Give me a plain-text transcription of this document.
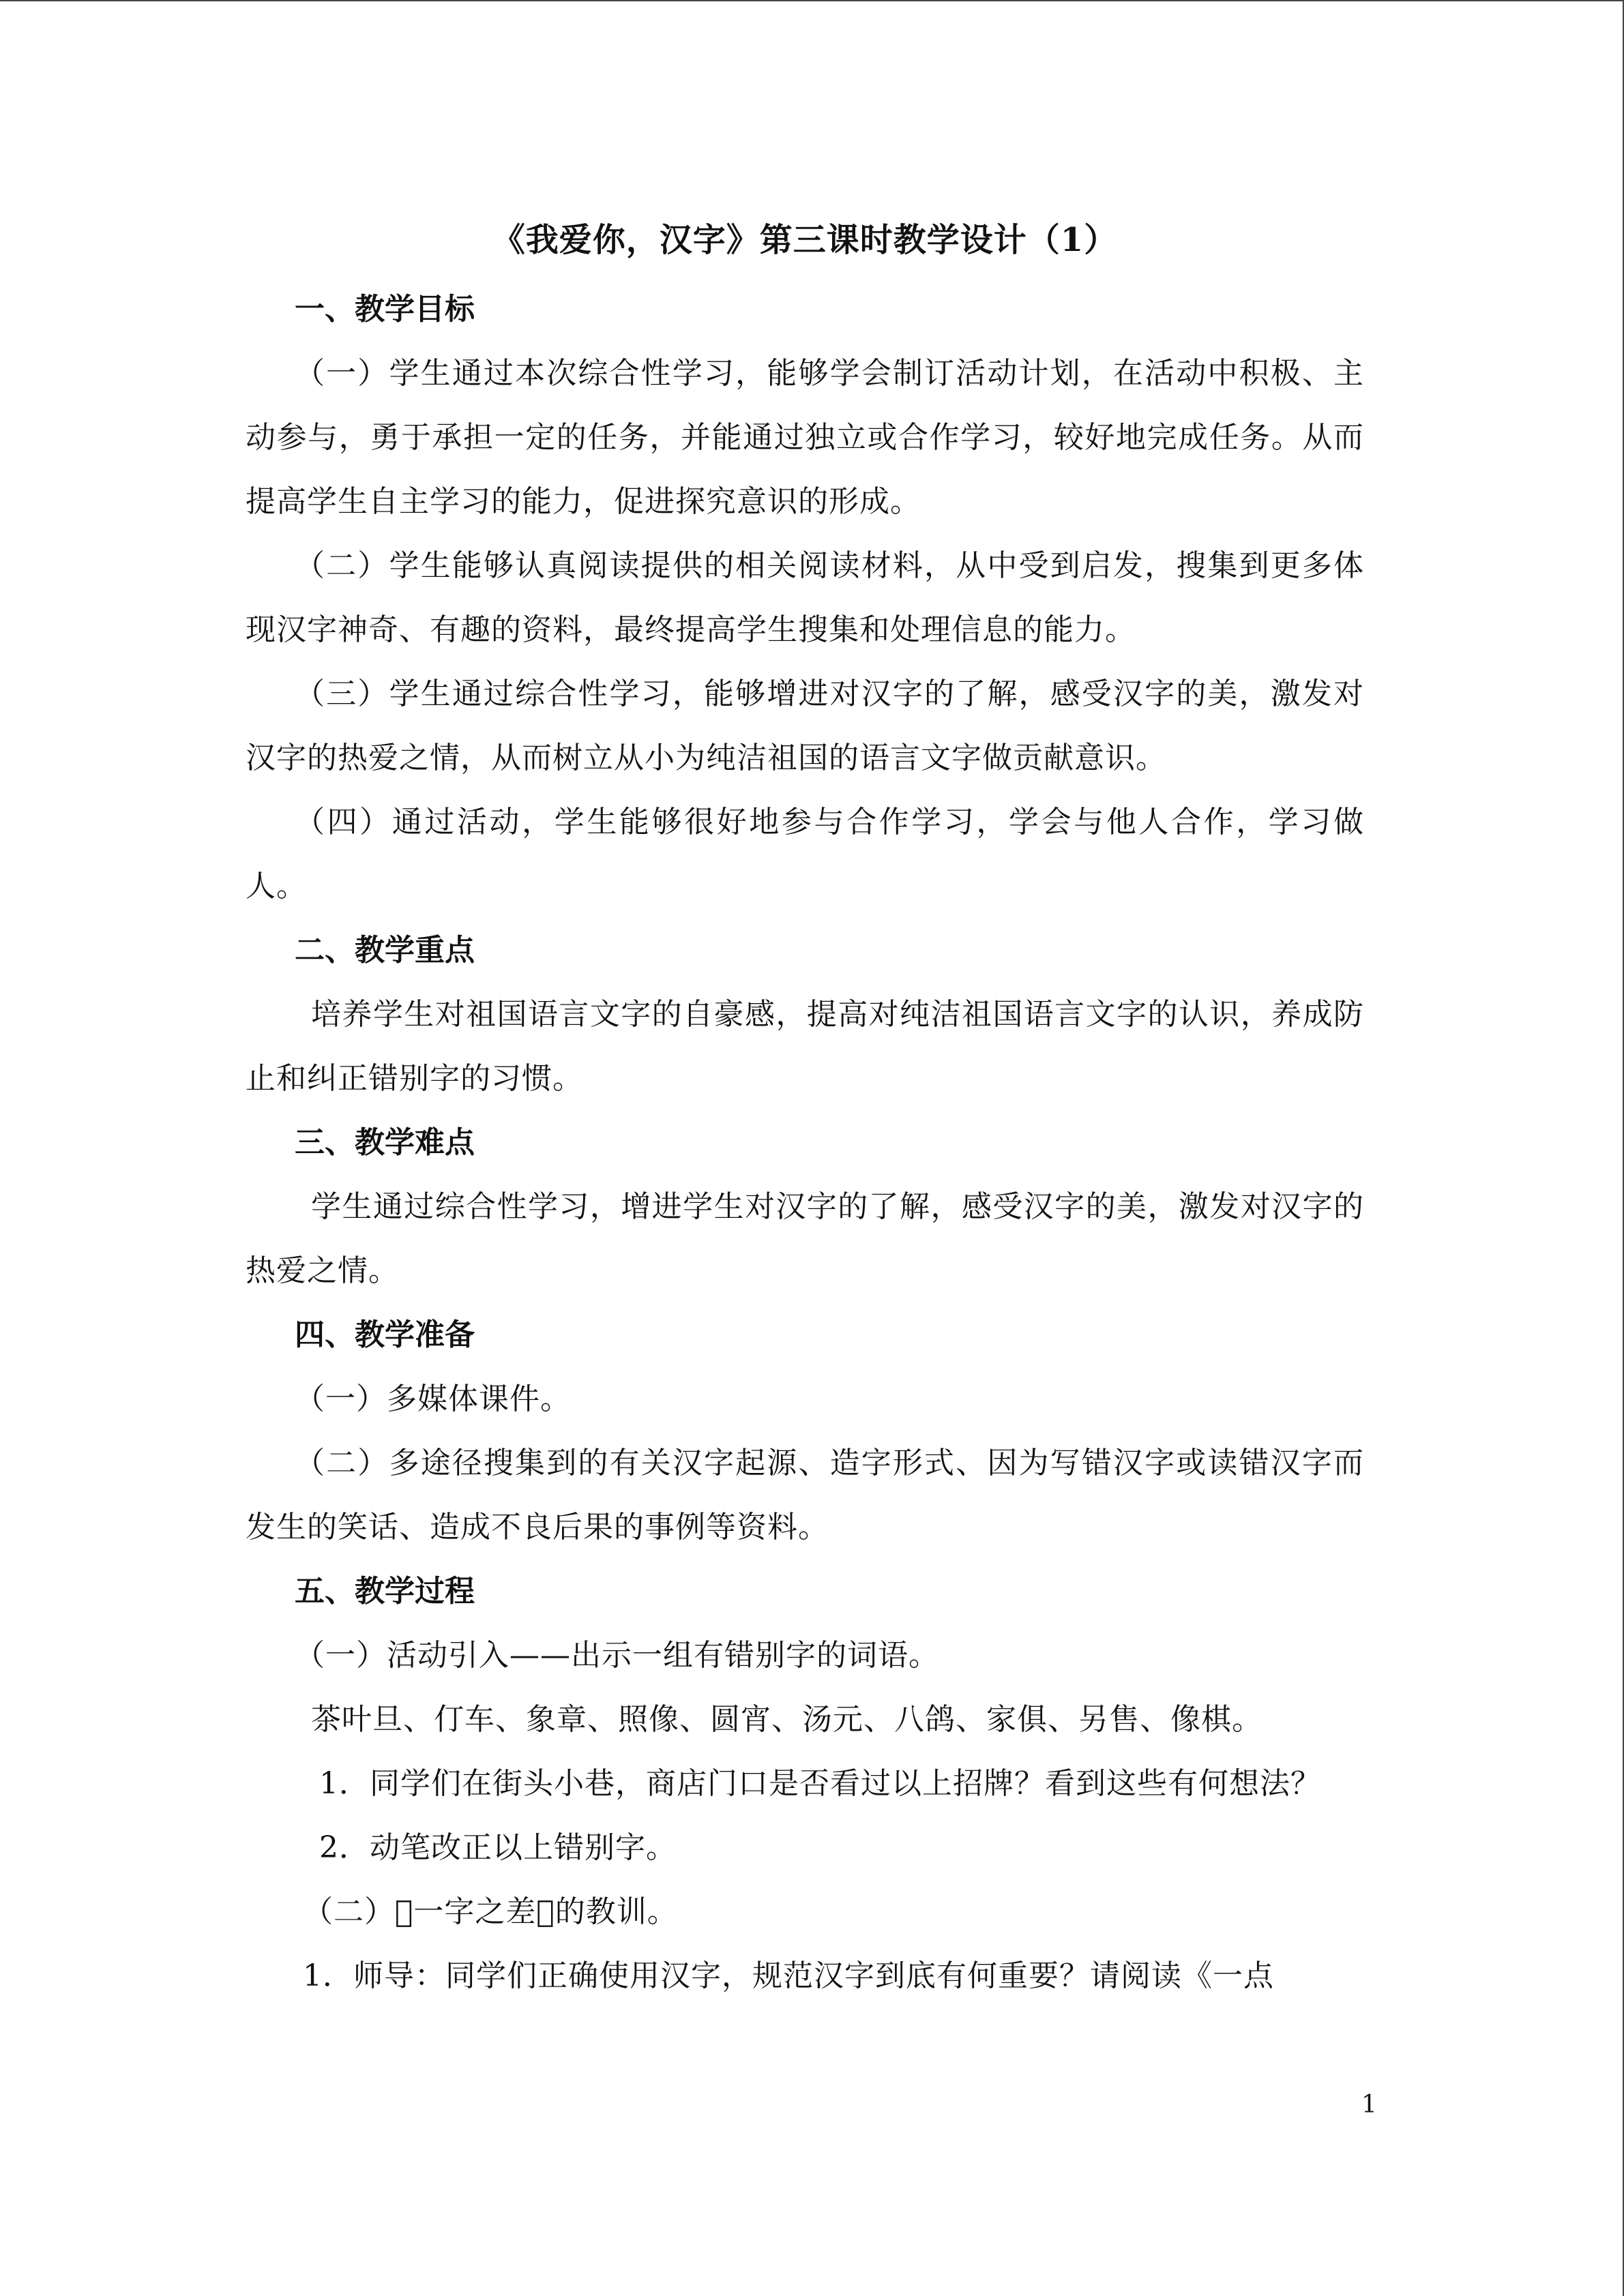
《我爱你，汉字》第三课时教学设计（1）
一、教学目标

（一）学生通过本次综合性学习，能够学会制订活动计划，在活动中积极、主动参与，勇于承担一定的任务，并能通过独立或合作学习，较好地完成任务。从而提高学生自主学习的能力，促进探究意识的形成。

（二）学生能够认真阅读提供的相关阅读材料，从中受到启发，搜集到更多体现汉字神奇、有趣的资料，最终提高学生搜集和处理信息的能力。

（三）学生通过综合性学习，能够增进对汉字的了解，感受汉字的美，激发对汉字的热爱之情，从而树立从小为纯洁祖国的语言文字做贡献意识。

（四）通过活动，学生能够很好地参与合作学习，学会与他人合作，学习做人。

二、教学重点

培养学生对祖国语言文字的自豪感，提高对纯洁祖国语言文字的认识，养成防止和纠正错别字的习惯。

三、教学难点

学生通过综合性学习，增进学生对汉字的了解，感受汉字的美，激发对汉字的热爱之情。

四、教学准备

（一）多媒体课件。

（二）多途径搜集到的有关汉字起源、造字形式、因为写错汉字或读错汉字而发生的笑话、造成不良后果的事例等资料。

五、教学过程

（一）活动引入——出示一组有错别字的词语。

茶叶旦、仃车、象章、照像、圆宵、汤元、八鸽、家俱、另售、像棋。

1．同学们在街头小巷，商店门口是否看过以上招牌？看到这些有何想法？

2．动笔改正以上错别字。

（二） 一字之差 的教训。

1．师导：同学们正确使用汉字，规范汉字到底有何重要？请阅读《一点

1
